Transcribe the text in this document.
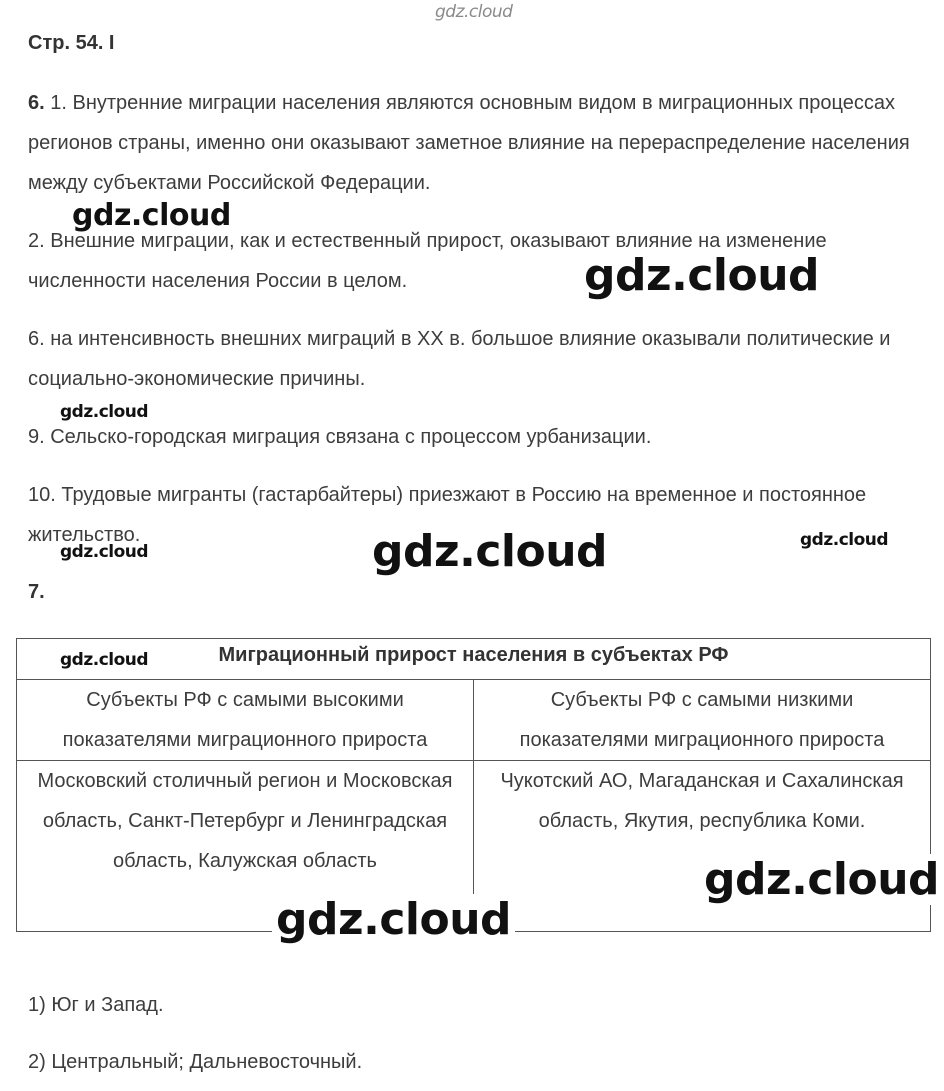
gdz.cloud
Стр. 54. I
6. 1. Внутренние миграции населения являются основным видом в миграционных процессах регионов страны, именно они оказывают заметное влияние на перераспределение населения между субъектами Российской Федерации.
2. Внешние миграции, как и естественный прирост, оказывают влияние на изменение численности населения России в целом.
6. на интенсивность внешних миграций в XX в. большое влияние оказывали политические и социально-экономические причины.
9. Сельско-городская миграция связана с процессом урбанизации.
10. Трудовые мигранты (гастарбайтеры) приезжают в Россию на временное и постоянное жительство.
7.
Миграционный прирост населения в субъектах РФ	
Субъекты РФ с самыми высокими показателями миграционного прироста	Субъекты РФ с самыми низкими показателями миграционного прироста
Московский столичный регион и Московская область, Санкт-Петербург и Ленинградская область, Калужская область	Чукотский АО, Магаданская и Сахалинская область, Якутия, республика Коми.
1) Юг и Запад.
2) Центральный; Дальневосточный.
gdz.cloud
gdz.cloud
gdz.cloud
gdz.cloud	gdz.cloud	gdz.cloud
gdz.cloud
gdz.cloud
gdz.cloud
